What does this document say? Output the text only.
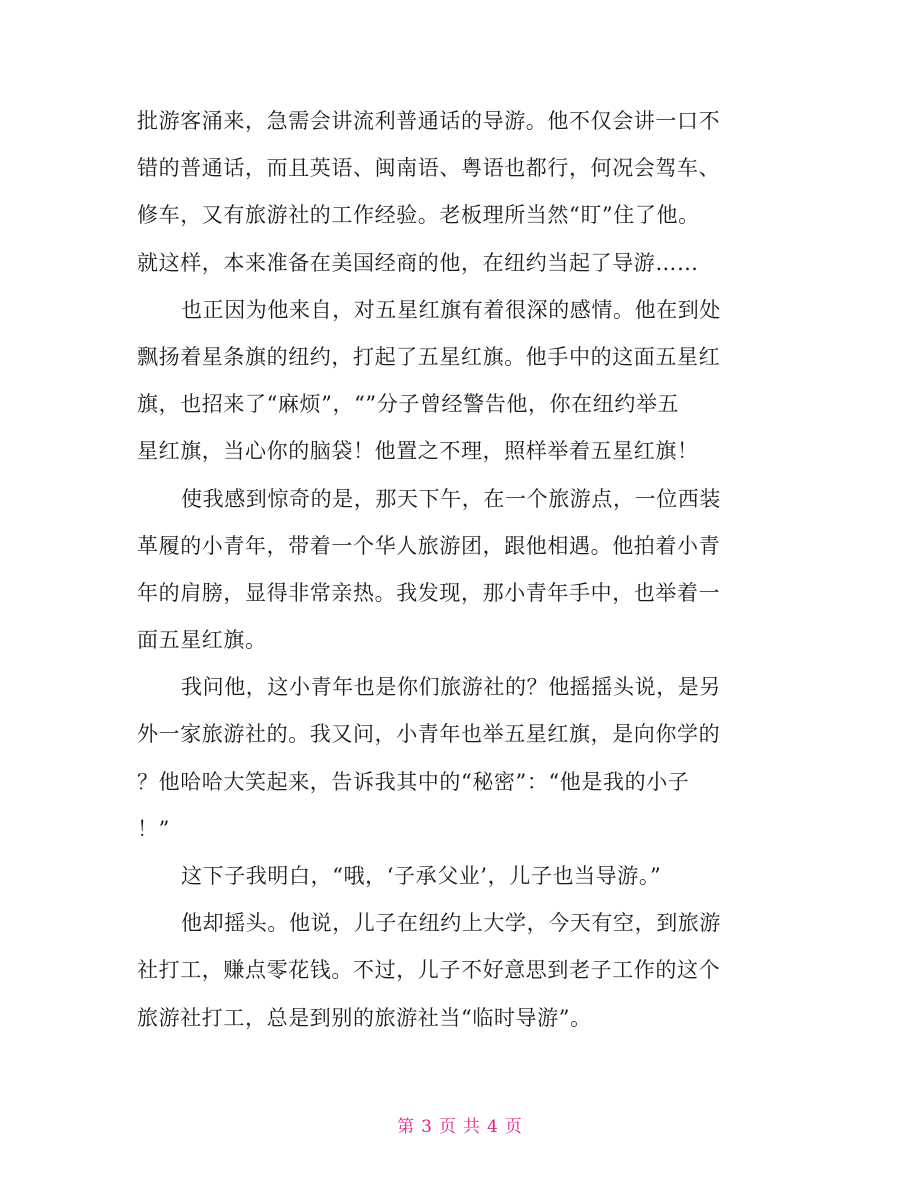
批游客涌来，急需会讲流利普通话的导游。他不仅会讲一口不
错的普通话，而且英语、闽南语、粤语也都行，何况会驾车、
修车，又有旅游社的工作经验。老板理所当然“盯”住了他。
就这样，本来准备在美国经商的他，在纽约当起了导游……
也正因为他来自，对五星红旗有着很深的感情。他在到处
飘扬着星条旗的纽约，打起了五星红旗。他手中的这面五星红
旗，也招来了“麻烦”，“”分子曾经警告他，你在纽约举五
星红旗，当心你的脑袋！他置之不理，照样举着五星红旗！
使我感到惊奇的是，那天下午，在一个旅游点，一位西装
革履的小青年，带着一个华人旅游团，跟他相遇。他拍着小青
年的肩膀，显得非常亲热。我发现，那小青年手中，也举着一
面五星红旗。
我问他，这小青年也是你们旅游社的？他摇摇头说，是另
外一家旅游社的。我又问，小青年也举五星红旗，是向你学的
？他哈哈大笑起来，告诉我其中的“秘密”：“他是我的小子
！”
这下子我明白，“哦，‘子承父业’，儿子也当导游。”
他却摇头。他说，儿子在纽约上大学，今天有空，到旅游
社打工，赚点零花钱。不过，儿子不好意思到老子工作的这个
旅游社打工，总是到别的旅游社当“临时导游”。
第 3 页 共 4 页
